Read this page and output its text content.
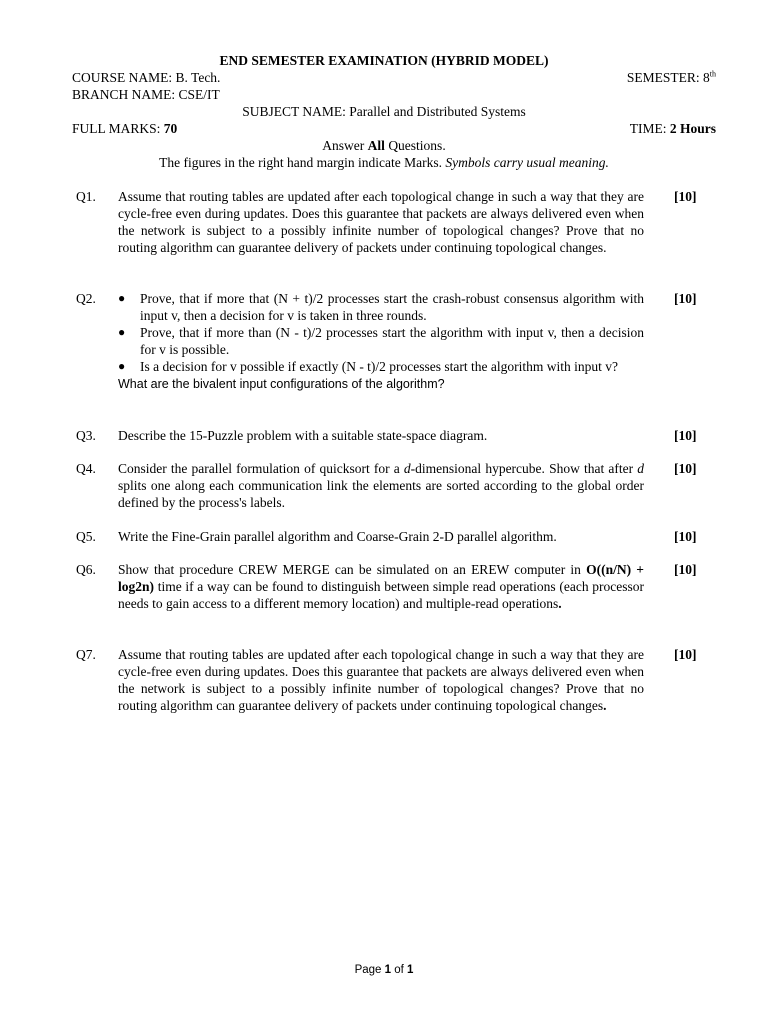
END SEMESTER EXAMINATION (HYBRID MODEL)
COURSE NAME: B. Tech.	SEMESTER: 8th
BRANCH NAME: CSE/IT
SUBJECT NAME: Parallel and Distributed Systems
FULL MARKS: 70	TIME: 2 Hours
Answer All Questions.
The figures in the right hand margin indicate Marks. Symbols carry usual meaning.
Q1.	Assume that routing tables are updated after each topological change in such a way that they are cycle-free even during updates. Does this guarantee that packets are always delivered even when the network is subject to a possibly infinite number of topological changes? Prove that no routing algorithm can guarantee delivery of packets under continuing topological changes.
[10]
Q2.	● Prove, that if more that (N + t)/2 processes start the crash-robust consensus algorithm with input v, then a decision for v is taken in three rounds.
● Prove, that if more than (N - t)/2 processes start the algorithm with input v, then a decision for v is possible.
● Is a decision for v possible if exactly (N - t)/2 processes start the algorithm with input v?
What are the bivalent input configurations of the algorithm?
[10]
Q3.	Describe the 15-Puzzle problem with a suitable state-space diagram.	[10]
Q4.	Consider the parallel formulation of quicksort for a d-dimensional hypercube. Show that after d splits one along each communication link the elements are sorted according to the global order defined by the process's labels.
[10]
Q5.	Write the Fine-Grain parallel algorithm and Coarse-Grain 2-D parallel algorithm.	[10]
Q6.	Show that procedure CREW MERGE can be simulated on an EREW computer in O((n/N) + log2n) time if a way can be found to distinguish between simple read operations (each processor needs to gain access to a different memory location) and multiple-read operations.
[10]
Q7.	Assume that routing tables are updated after each topological change in such a way that they are cycle-free even during updates. Does this guarantee that packets are always delivered even when the network is subject to a possibly infinite number of topological changes? Prove that no routing algorithm can guarantee delivery of packets under continuing topological changes.
[10]
Page 1 of 1
